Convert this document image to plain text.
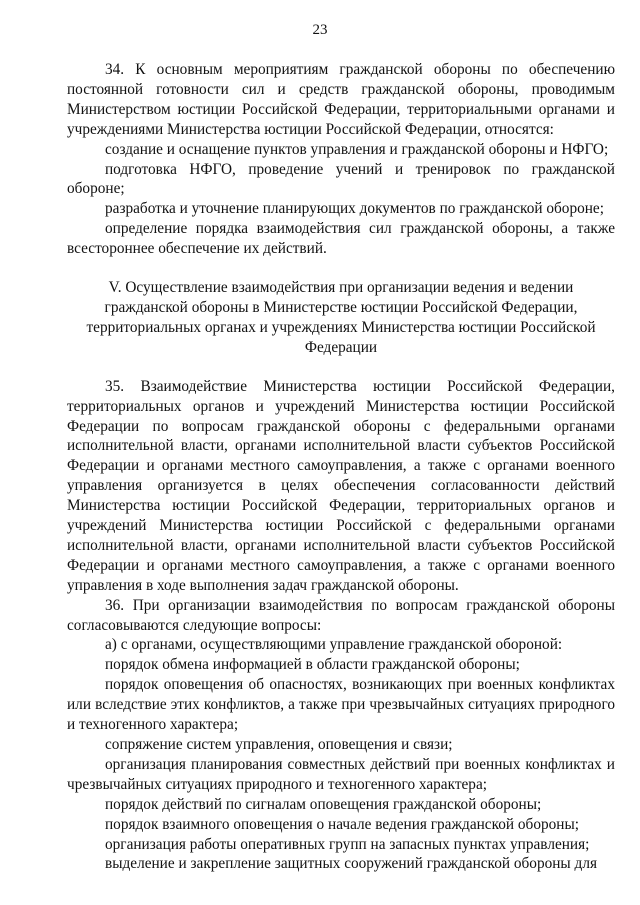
23

34. К основным мероприятиям гражданской обороны по обеспечению постоянной готовности сил и средств гражданской обороны, проводимым Министерством юстиции Российской Федерации, территориальными органами и учреждениями Министерства юстиции Российской Федерации, относятся:

создание и оснащение пунктов управления и гражданской обороны и НФГО;

подготовка НФГО, проведение учений и тренировок по гражданской обороне;

разработка и уточнение планирующих документов по гражданской обороне;

определение порядка взаимодействия сил гражданской обороны, а также всестороннее обеспечение их действий.

V. Осуществление взаимодействия при организации ведения и ведении гражданской обороны в Министерстве юстиции Российской Федерации, территориальных органах и учреждениях Министерства юстиции Российской Федерации

35. Взаимодействие Министерства юстиции Российской Федерации, территориальных органов и учреждений Министерства юстиции Российской Федерации по вопросам гражданской обороны с федеральными органами исполнительной власти, органами исполнительной власти субъектов Российской Федерации и органами местного самоуправления, а также с органами военного управления организуется в целях обеспечения согласованности действий Министерства юстиции Российской Федерации, территориальных органов и учреждений Министерства юстиции Российской с федеральными органами исполнительной власти, органами исполнительной власти субъектов Российской Федерации и органами местного самоуправления, а также с органами военного управления в ходе выполнения задач гражданской обороны.

36. При организации взаимодействия по вопросам гражданской обороны согласовываются следующие вопросы:

а) с органами, осуществляющими управление гражданской обороной:

порядок обмена информацией в области гражданской обороны;

порядок оповещения об опасностях, возникающих при военных конфликтах или вследствие этих конфликтов, а также при чрезвычайных ситуациях природного и техногенного характера;

сопряжение систем управления, оповещения и связи;

организация планирования совместных действий при военных конфликтах и чрезвычайных ситуациях природного и техногенного характера;

порядок действий по сигналам оповещения гражданской обороны;

порядок взаимного оповещения о начале ведения гражданской обороны;

организация работы оперативных групп на запасных пунктах управления;

выделение и закрепление защитных сооружений гражданской обороны для
